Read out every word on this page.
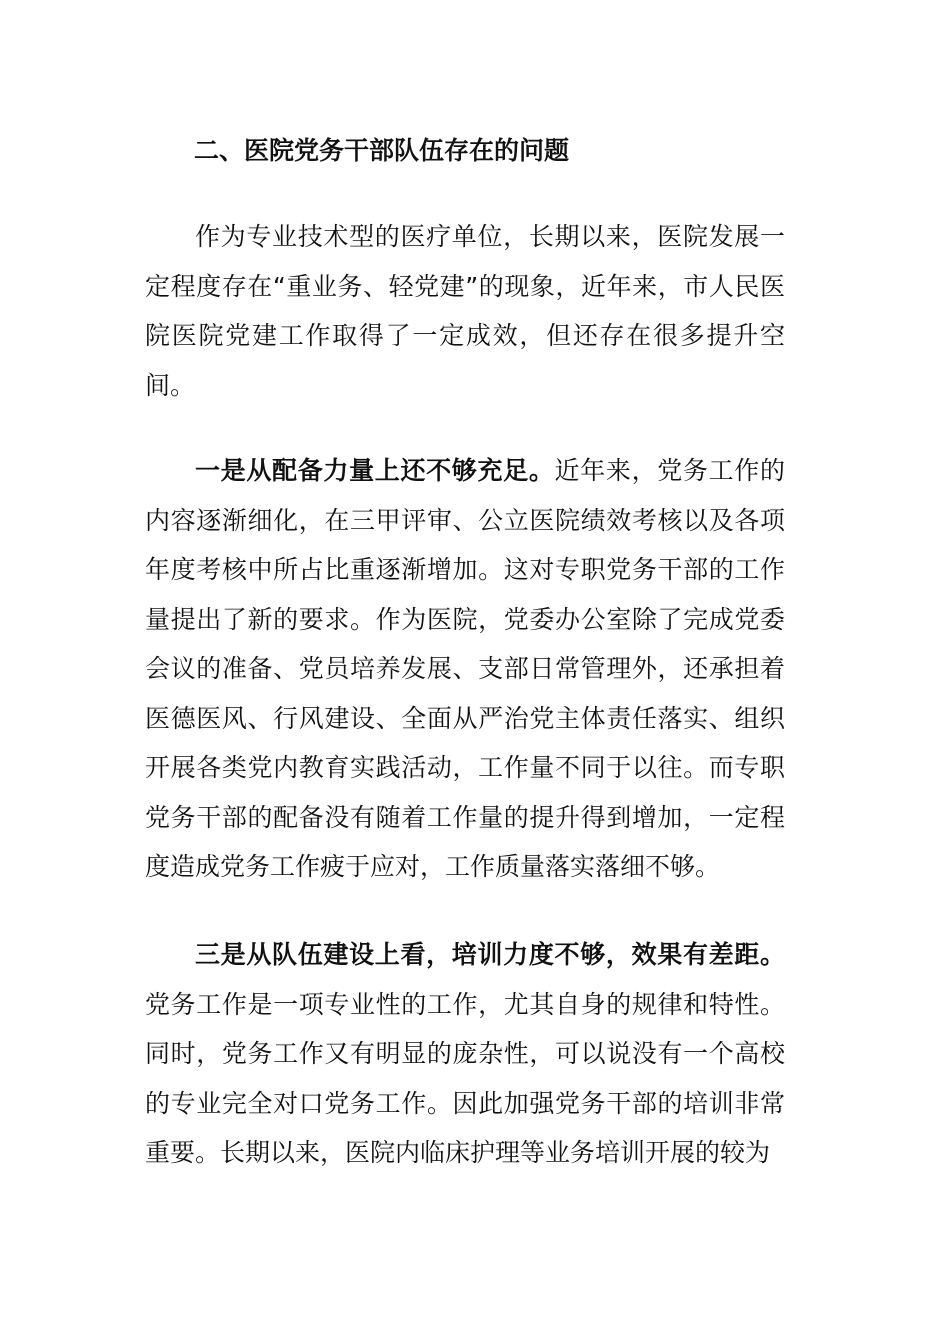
二、医院党务干部队伍存在的问题

作为专业技术型的医疗单位，长期以来，医院发展一定程度存在“重业务、轻党建”的现象，近年来，市人民医院医院党建工作取得了一定成效，但还存在很多提升空间。

一是从配备力量上还不够充足。近年来，党务工作的内容逐渐细化，在三甲评审、公立医院绩效考核以及各项年度考核中所占比重逐渐增加。这对专职党务干部的工作量提出了新的要求。作为医院，党委办公室除了完成党委会议的准备、党员培养发展、支部日常管理外，还承担着医德医风、行风建设、全面从严治党主体责任落实、组织开展各类党内教育实践活动，工作量不同于以往。而专职党务干部的配备没有随着工作量的提升得到增加，一定程度造成党务工作疲于应对，工作质量落实落细不够。

三是从队伍建设上看，培训力度不够，效果有差距。党务工作是一项专业性的工作，尤其自身的规律和特性。同时，党务工作又有明显的庞杂性，可以说没有一个高校的专业完全对口党务工作。因此加强党务干部的培训非常重要。长期以来，医院内临床护理等业务培训开展的较为
